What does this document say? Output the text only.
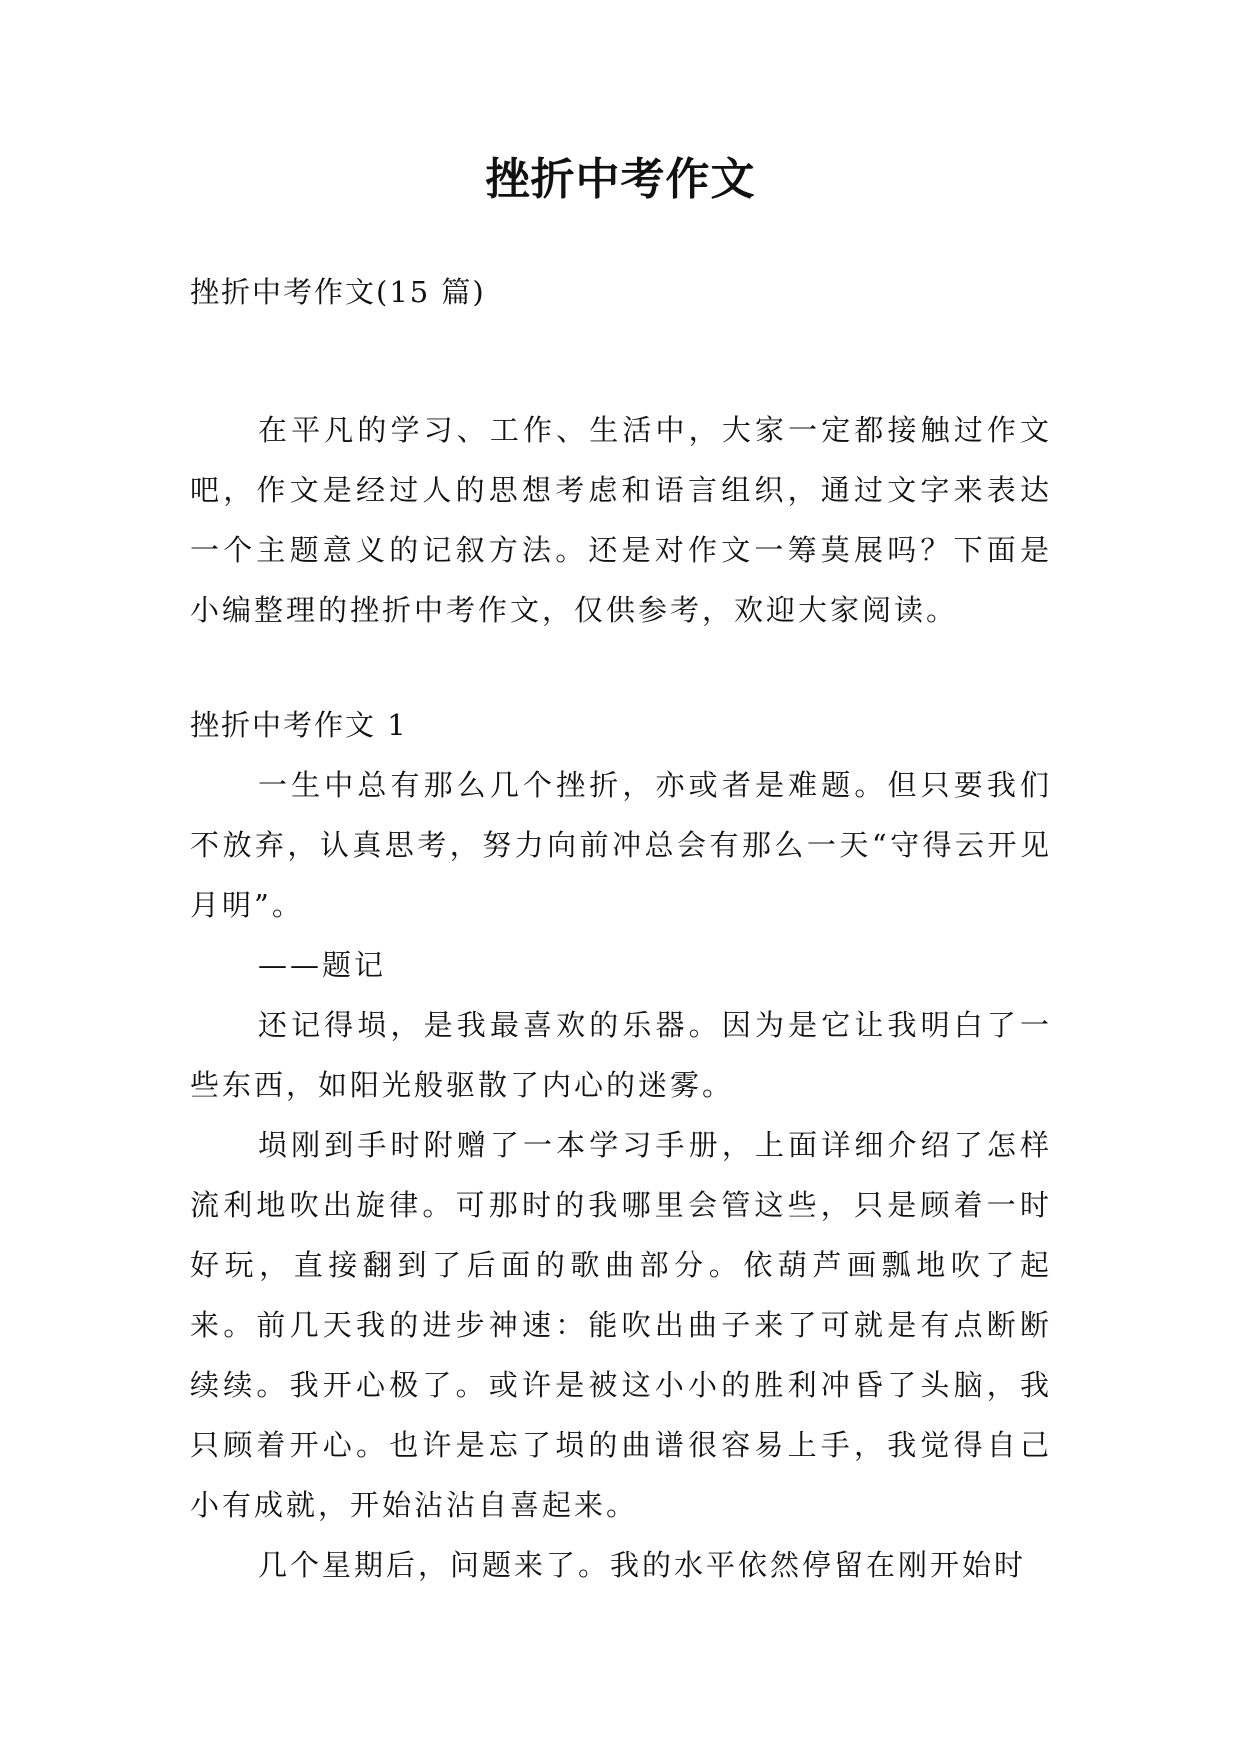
挫折中考作文
挫折中考作文(15 篇)

在平凡的学习、工作、生活中，大家一定都接触过作文吧，作文是经过人的思想考虑和语言组织，通过文字来表达一个主题意义的记叙方法。还是对作文一筹莫展吗？下面是小编整理的挫折中考作文，仅供参考，欢迎大家阅读。

挫折中考作文 1

一生中总有那么几个挫折，亦或者是难题。但只要我们不放弃，认真思考，努力向前冲总会有那么一天“守得云开见月明”。

——题记

还记得埙，是我最喜欢的乐器。因为是它让我明白了一些东西，如阳光般驱散了内心的迷雾。

埙刚到手时附赠了一本学习手册，上面详细介绍了怎样流利地吹出旋律。可那时的我哪里会管这些，只是顾着一时好玩，直接翻到了后面的歌曲部分。依葫芦画瓢地吹了起来。前几天我的进步神速：能吹出曲子来了可就是有点断断续续。我开心极了。或许是被这小小的胜利冲昏了头脑，我只顾着开心。也许是忘了埙的曲谱很容易上手，我觉得自己小有成就，开始沾沾自喜起来。

几个星期后，问题来了。我的水平依然停留在刚开始时
